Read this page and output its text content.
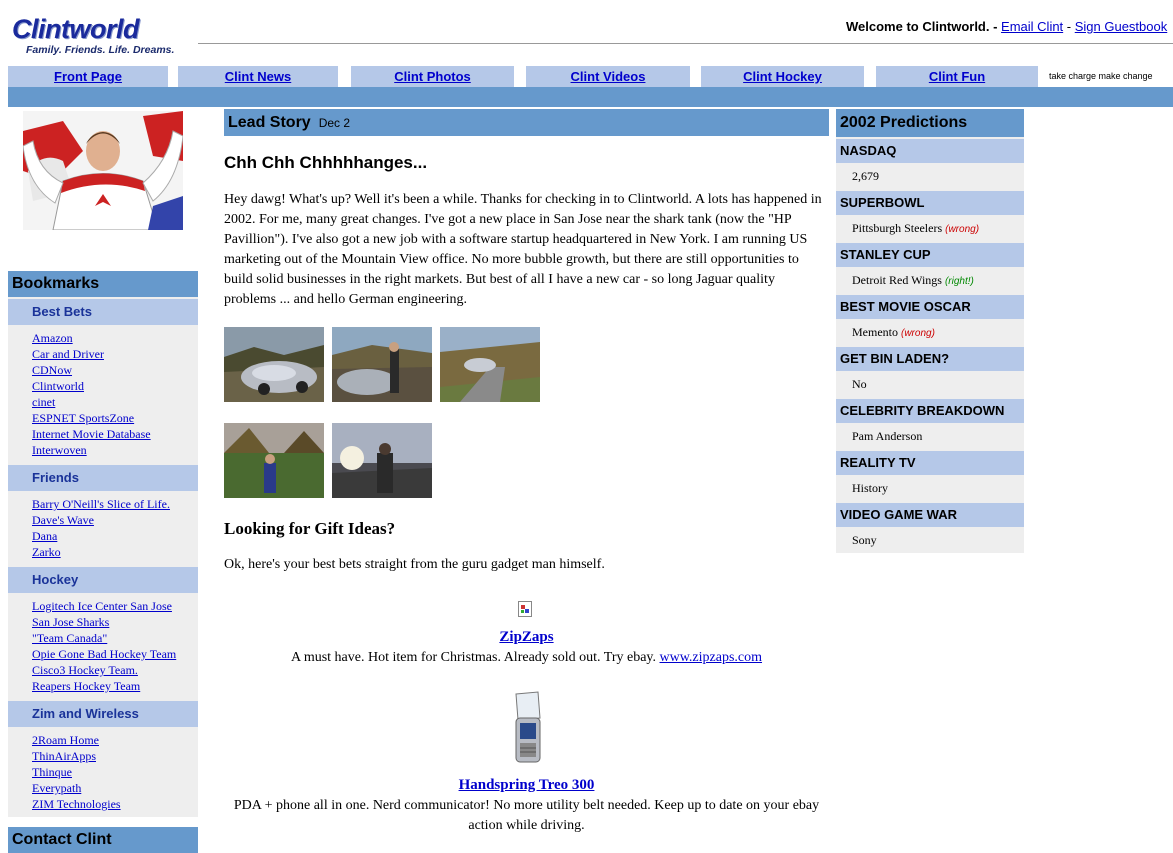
Clintworld
Family. Friends. Life. Dreams.
Welcome to Clintworld. - Email Clint - Sign Guestbook
Front Page	Clint News	Clint Photos	Clint Videos	Clint Hockey	Clint Fun	take charge make change
Bookmarks
Best Bets
Amazon
Car and Driver
CDNow
Clintworld
cinet
ESPNET SportsZone
Internet Movie Database
Interwoven
Friends
Barry O'Neill's Slice of Life.
Dave's Wave
Dana
Zarko
Hockey
Logitech Ice Center San Jose
San Jose Sharks
"Team Canada"
Opie Gone Bad Hockey Team
Cisco3 Hockey Team.
Reapers Hockey Team
Zim and Wireless
2Roam Home
ThinAirApps
Thinque
Everypath
ZIM Technologies
Contact Clint
Lead Story Dec 2
Chh Chh Chhhhhanges...
Hey dawg! What's up? Well it's been a while. Thanks for checking in to Clintworld. A lots has happened in 2002. For me, many great changes. I've got a new place in San Jose near the shark tank (now the "HP Pavillion"). I've also got a new job with a software startup headquartered in New York. I am running US marketing out of the Mountain View office. No more bubble growth, but there are still opportunities to build solid businesses in the right markets. But best of all I have a new car - so long Jaguar quality problems ... and hello German engineering.
Looking for Gift Ideas?
Ok, here's your best bets straight from the guru gadget man himself.
ZipZaps
A must have. Hot item for Christmas. Already sold out. Try ebay. www.zipzaps.com
Handspring Treo 300
PDA + phone all in one. Nerd communicator! No more utility belt needed. Keep up to date on your ebay action while driving.
2002 Predictions
NASDAQ
2,679
SUPERBOWL
Pittsburgh Steelers (wrong)
STANLEY CUP
Detroit Red Wings (right!)
BEST MOVIE OSCAR
Memento (wrong)
GET BIN LADEN?
No
CELEBRITY BREAKDOWN
Pam Anderson
REALITY TV
History
VIDEO GAME WAR
Sony
